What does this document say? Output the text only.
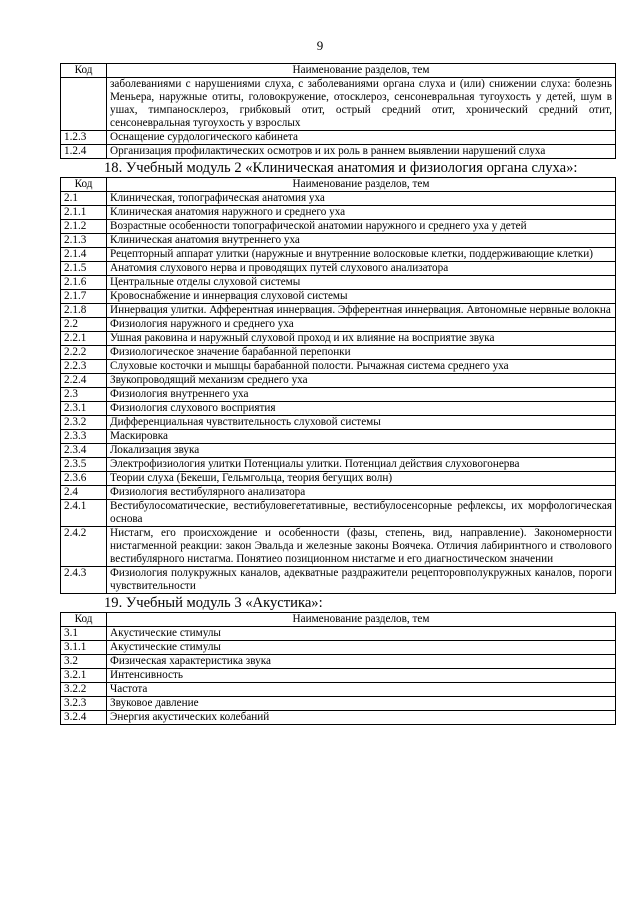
9
Код	Наименование разделов, тем
	заболеваниями с нарушениями слуха, с заболеваниями органа слуха и (или) снижении слуха: болезнь Меньера, наружные отиты, головокружение, отосклероз, сенсоневральная тугоухость у детей, шум в ушах, тимпаносклероз, грибковый отит, острый средний отит, хронический средний отит, сенсоневральная тугоухость у взрослых
1.2.3	Оснащение сурдологического кабинета
1.2.4	Организация профилактических осмотров и их роль в раннем выявлении нарушений слуха
18. Учебный модуль 2 «Клиническая анатомия и физиология органа слуха»:
Код	Наименование разделов, тем
2.1	Клиническая, топографическая анатомия уха
2.1.1	Клиническая анатомия наружного и среднего уха
2.1.2	Возрастные особенности топографической анатомии наружного и среднего уха у детей
2.1.3	Клиническая анатомия внутреннего уха
2.1.4	Рецепторный аппарат улитки (наружные и внутренние волосковые клетки, поддерживающие клетки)
2.1.5	Анатомия слухового нерва и проводящих путей слухового анализатора
2.1.6	Центральные отделы слуховой системы
2.1.7	Кровоснабжение и иннервация слуховой системы
2.1.8	Иннервация улитки. Афферентная иннервация. Эфферентная иннервация. Автономные нервные волокна
2.2	Физиология наружного и среднего уха
2.2.1	Ушная раковина и наружный слуховой проход и их влияние на восприятие звука
2.2.2	Физиологическое значение барабанной перепонки
2.2.3	Слуховые косточки и мышцы барабанной полости. Рычажная система среднего уха
2.2.4	Звукопроводящий механизм среднего уха
2.3	Физиология внутреннего уха
2.3.1	Физиология слухового восприятия
2.3.2	Дифференциальная чувствительность слуховой системы
2.3.3	Маскировка
2.3.4	Локализация звука
2.3.5	Электрофизиология улитки Потенциалы улитки. Потенциал действия слуховогонерва
2.3.6	Теории слуха (Бекеши, Гельмгольца, теория бегущих волн)
2.4	Физиология вестибулярного анализатора
2.4.1	Вестибулосоматические, вестибуловегетативные, вестибулосенсорные рефлексы, их морфологическая основа
2.4.2	Нистагм, его происхождение и особенности (фазы, степень, вид, направление). Закономерности нистагменной реакции: закон Эвальда и железные законы Воячека. Отличия лабиринтного и стволового вестибулярного нистагма. Понятиео позиционном нистагме и его диагностическом значении
2.4.3	Физиология полукружных каналов, адекватные раздражители рецепторовполукружных каналов, пороги чувствительности
19. Учебный модуль 3 «Акустика»:
Код	Наименование разделов, тем
3.1	Акустические стимулы
3.1.1	Акустические стимулы
3.2	Физическая характеристика звука
3.2.1	Интенсивность
3.2.2	Частота
3.2.3	Звуковое давление
3.2.4	Энергия акустических колебаний
